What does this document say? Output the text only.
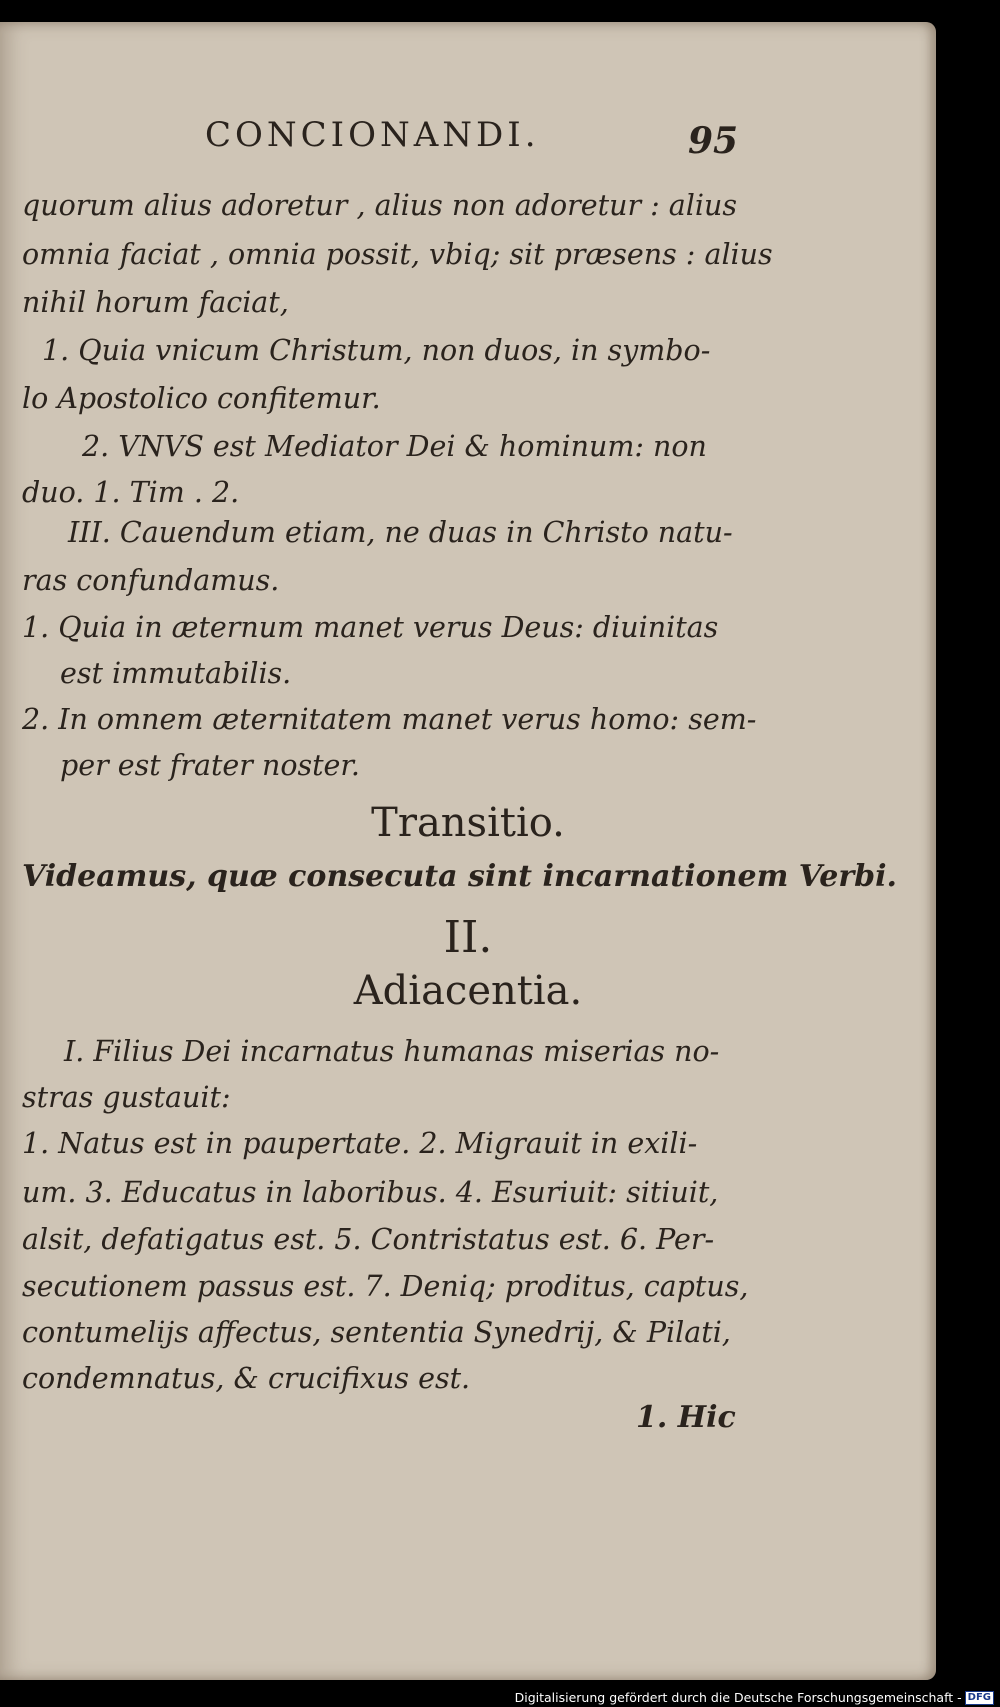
CONCIONANDI.	95
quorum alius adoretur , alius non adoretur : alius
omnia faciat , omnia possit, vbiq; sit præsens : alius
nihil horum faciat,
1. Quia vnicum Christum, non duos, in symbo-
lo Apostolico confitemur.
2. VNVS est Mediator Dei & hominum: non
duo. 1. Tim . 2.
III. Cauendum etiam, ne duas in Christo natu-
ras confundamus.
1. Quia in æternum manet verus Deus: diuinitas
est immutabilis.
2. In omnem æternitatem manet verus homo: sem-
per est frater noster.
Transitio.
Videamus, quæ consecuta sint incarnationem Verbi.
II.
Adiacentia.
I. Filius Dei incarnatus humanas miserias no-
stras gustauit:
1. Natus est in paupertate. 2. Migrauit in exili-
um. 3. Educatus in laboribus. 4. Esuriuit: sitiuit,
alsit, defatigatus est. 5. Contristatus est. 6. Per-
secutionem passus est. 7. Deniq; proditus, captus,
contumelijs affectus, sententia Synedrij, & Pilati,
condemnatus, & crucifixus est.
1. Hic
Digitalisierung gefördert durch die Deutsche Forschungsgemeinschaft - DFG
